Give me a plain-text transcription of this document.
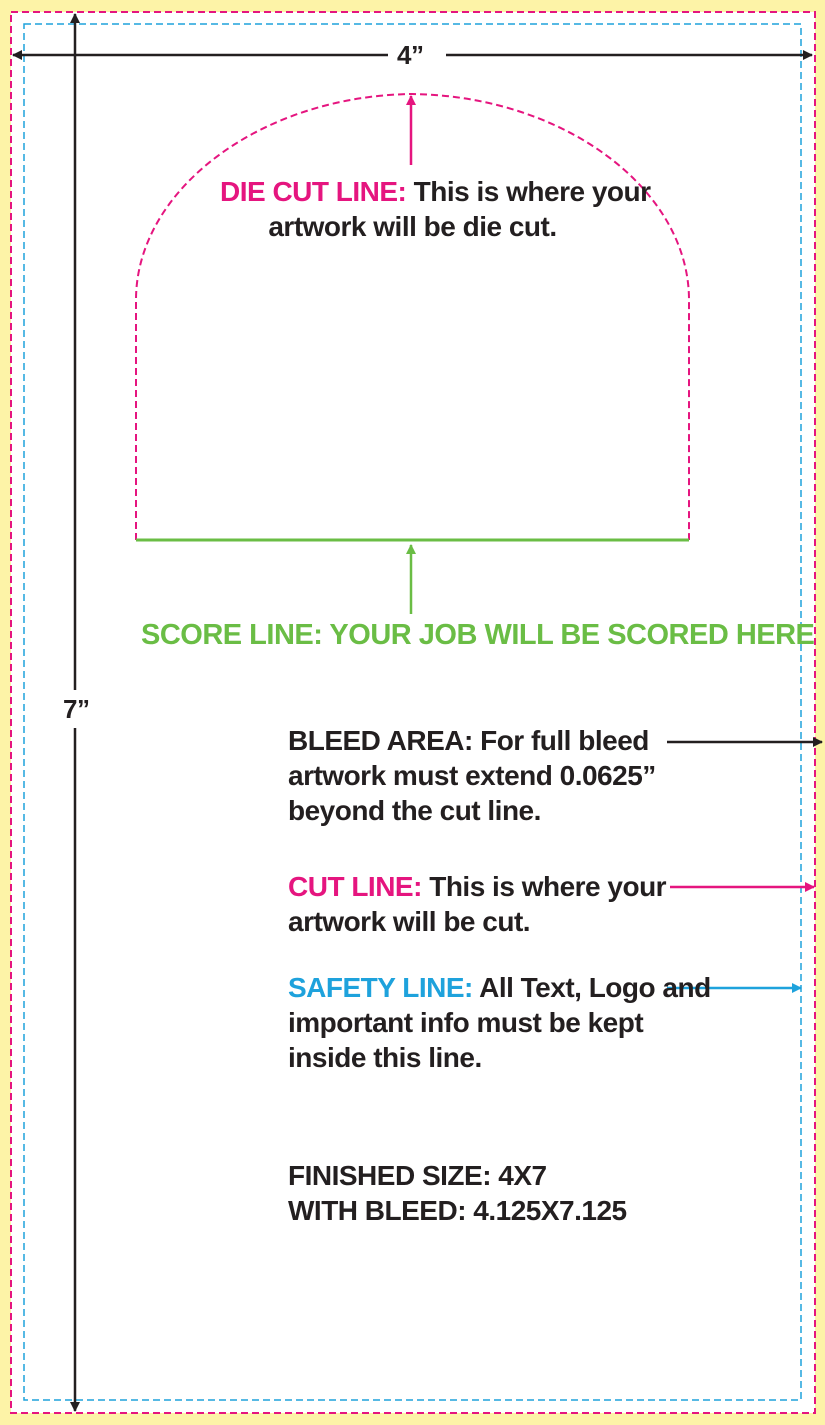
4”
7”
DIE CUT LINE: This is where your
artwork will be die cut.
SCORE LINE: YOUR JOB WILL BE SCORED HERE
BLEED AREA: For full bleed
artwork must extend 0.0625”
beyond the cut line.
CUT LINE: This is where your
artwork will be cut.
SAFETY LINE: All Text, Logo and
important info must be kept
inside this line.
FINISHED SIZE: 4X7
WITH BLEED: 4.125X7.125
